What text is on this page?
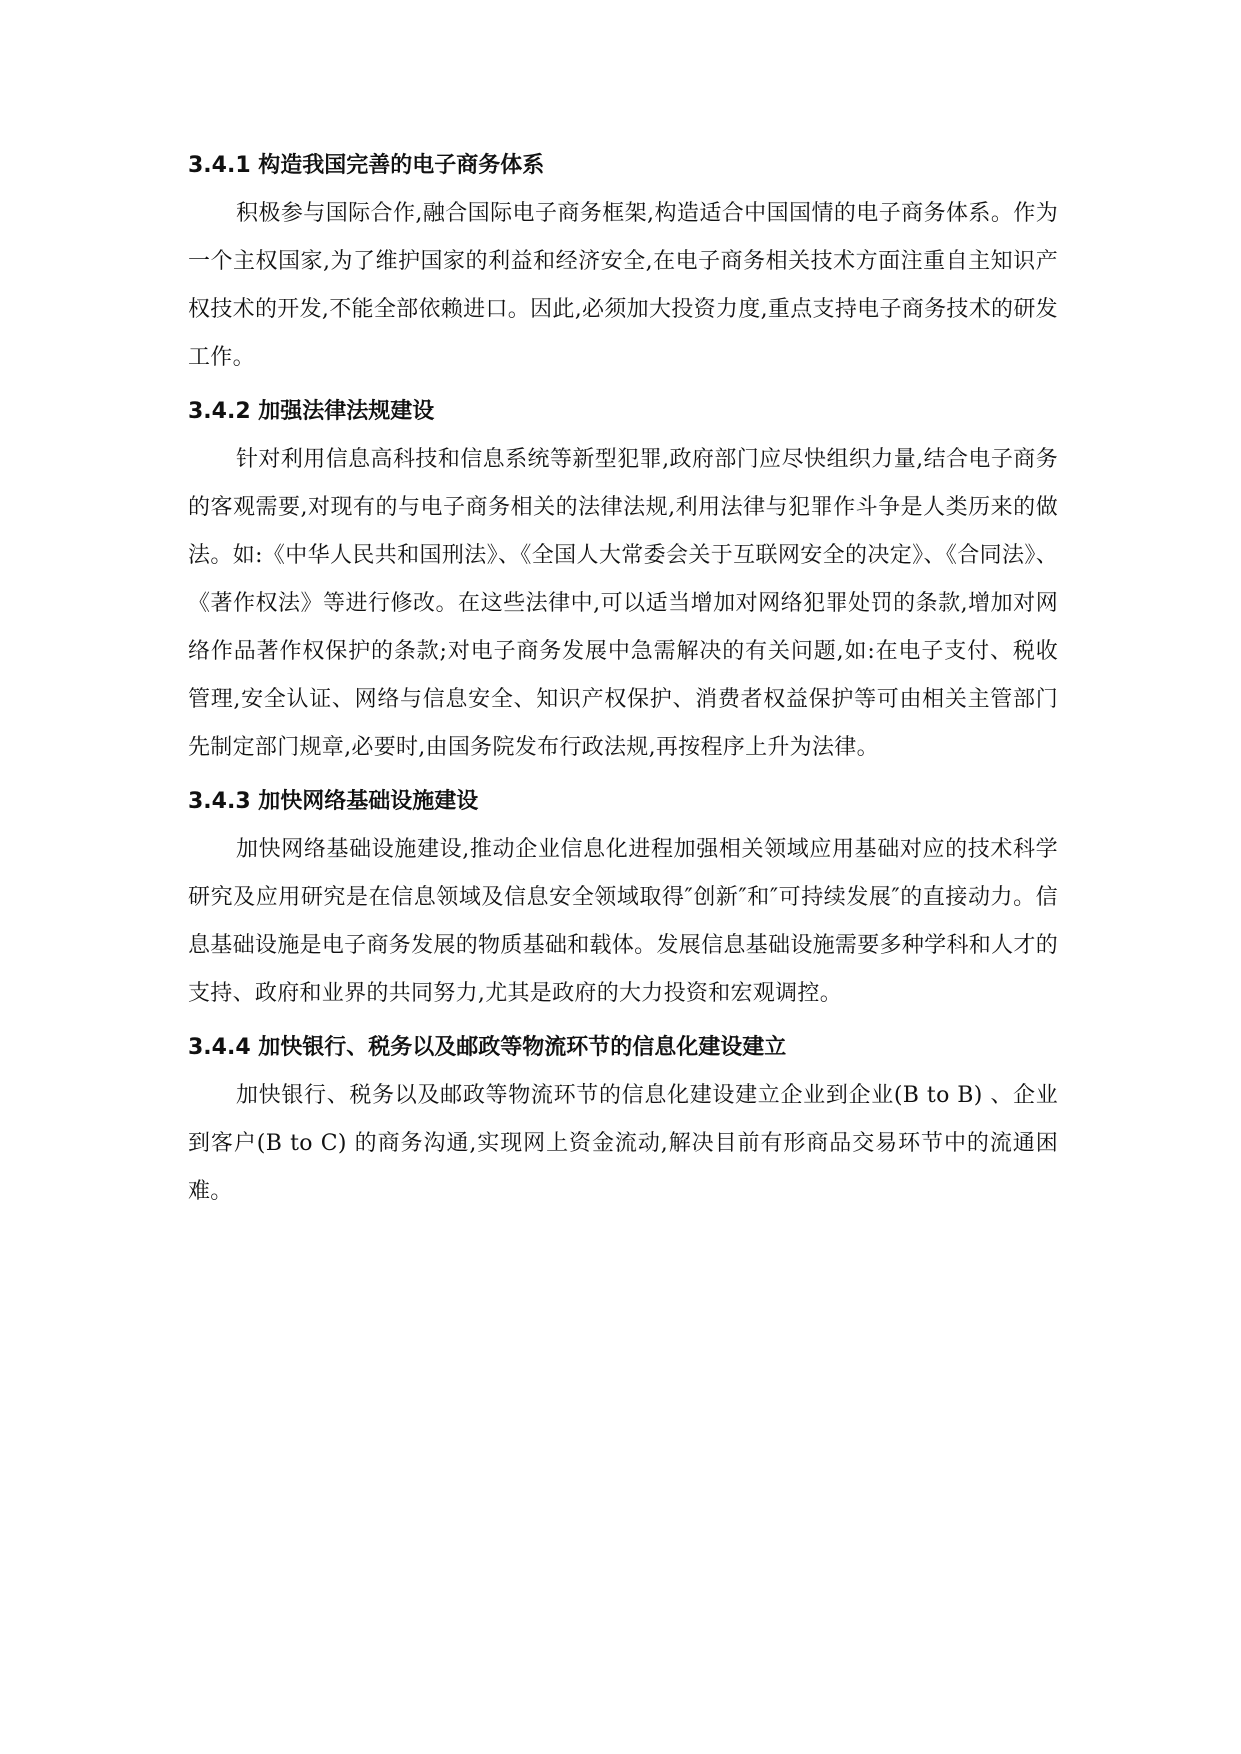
3.4.1 构造我国完善的电子商务体系

积极参与国际合作,融合国际电子商务框架,构造适合中国国情的电子商务体系。作为一个主权国家,为了维护国家的利益和经济安全,在电子商务相关技术方面注重自主知识产权技术的开发,不能全部依赖进口。因此,必须加大投资力度,重点支持电子商务技术的研发工作。

3.4.2 加强法律法规建设

针对利用信息高科技和信息系统等新型犯罪,政府部门应尽快组织力量,结合电子商务的客观需要,对现有的与电子商务相关的法律法规,利用法律与犯罪作斗争是人类历来的做法。如:《中华人民共和国刑法》、《全国人大常委会关于互联网安全的决定》、《合同法》、《著作权法》等进行修改。在这些法律中,可以适当增加对网络犯罪处罚的条款,增加对网络作品著作权保护的条款;对电子商务发展中急需解决的有关问题,如:在电子支付、税收管理,安全认证、网络与信息安全、知识产权保护、消费者权益保护等可由相关主管部门先制定部门规章,必要时,由国务院发布行政法规,再按程序上升为法律。

3.4.3 加快网络基础设施建设

加快网络基础设施建设,推动企业信息化进程加强相关领域应用基础对应的技术科学研究及应用研究是在信息领域及信息安全领域取得″创新″和″可持续发展″的直接动力。信息基础设施是电子商务发展的物质基础和载体。发展信息基础设施需要多种学科和人才的支持、政府和业界的共同努力,尤其是政府的大力投资和宏观调控。

3.4.4 加快银行、税务以及邮政等物流环节的信息化建设建立

加快银行、税务以及邮政等物流环节的信息化建设建立企业到企业(B to B) 、企业到客户(B to C) 的商务沟通,实现网上资金流动,解决目前有形商品交易环节中的流通困难。
